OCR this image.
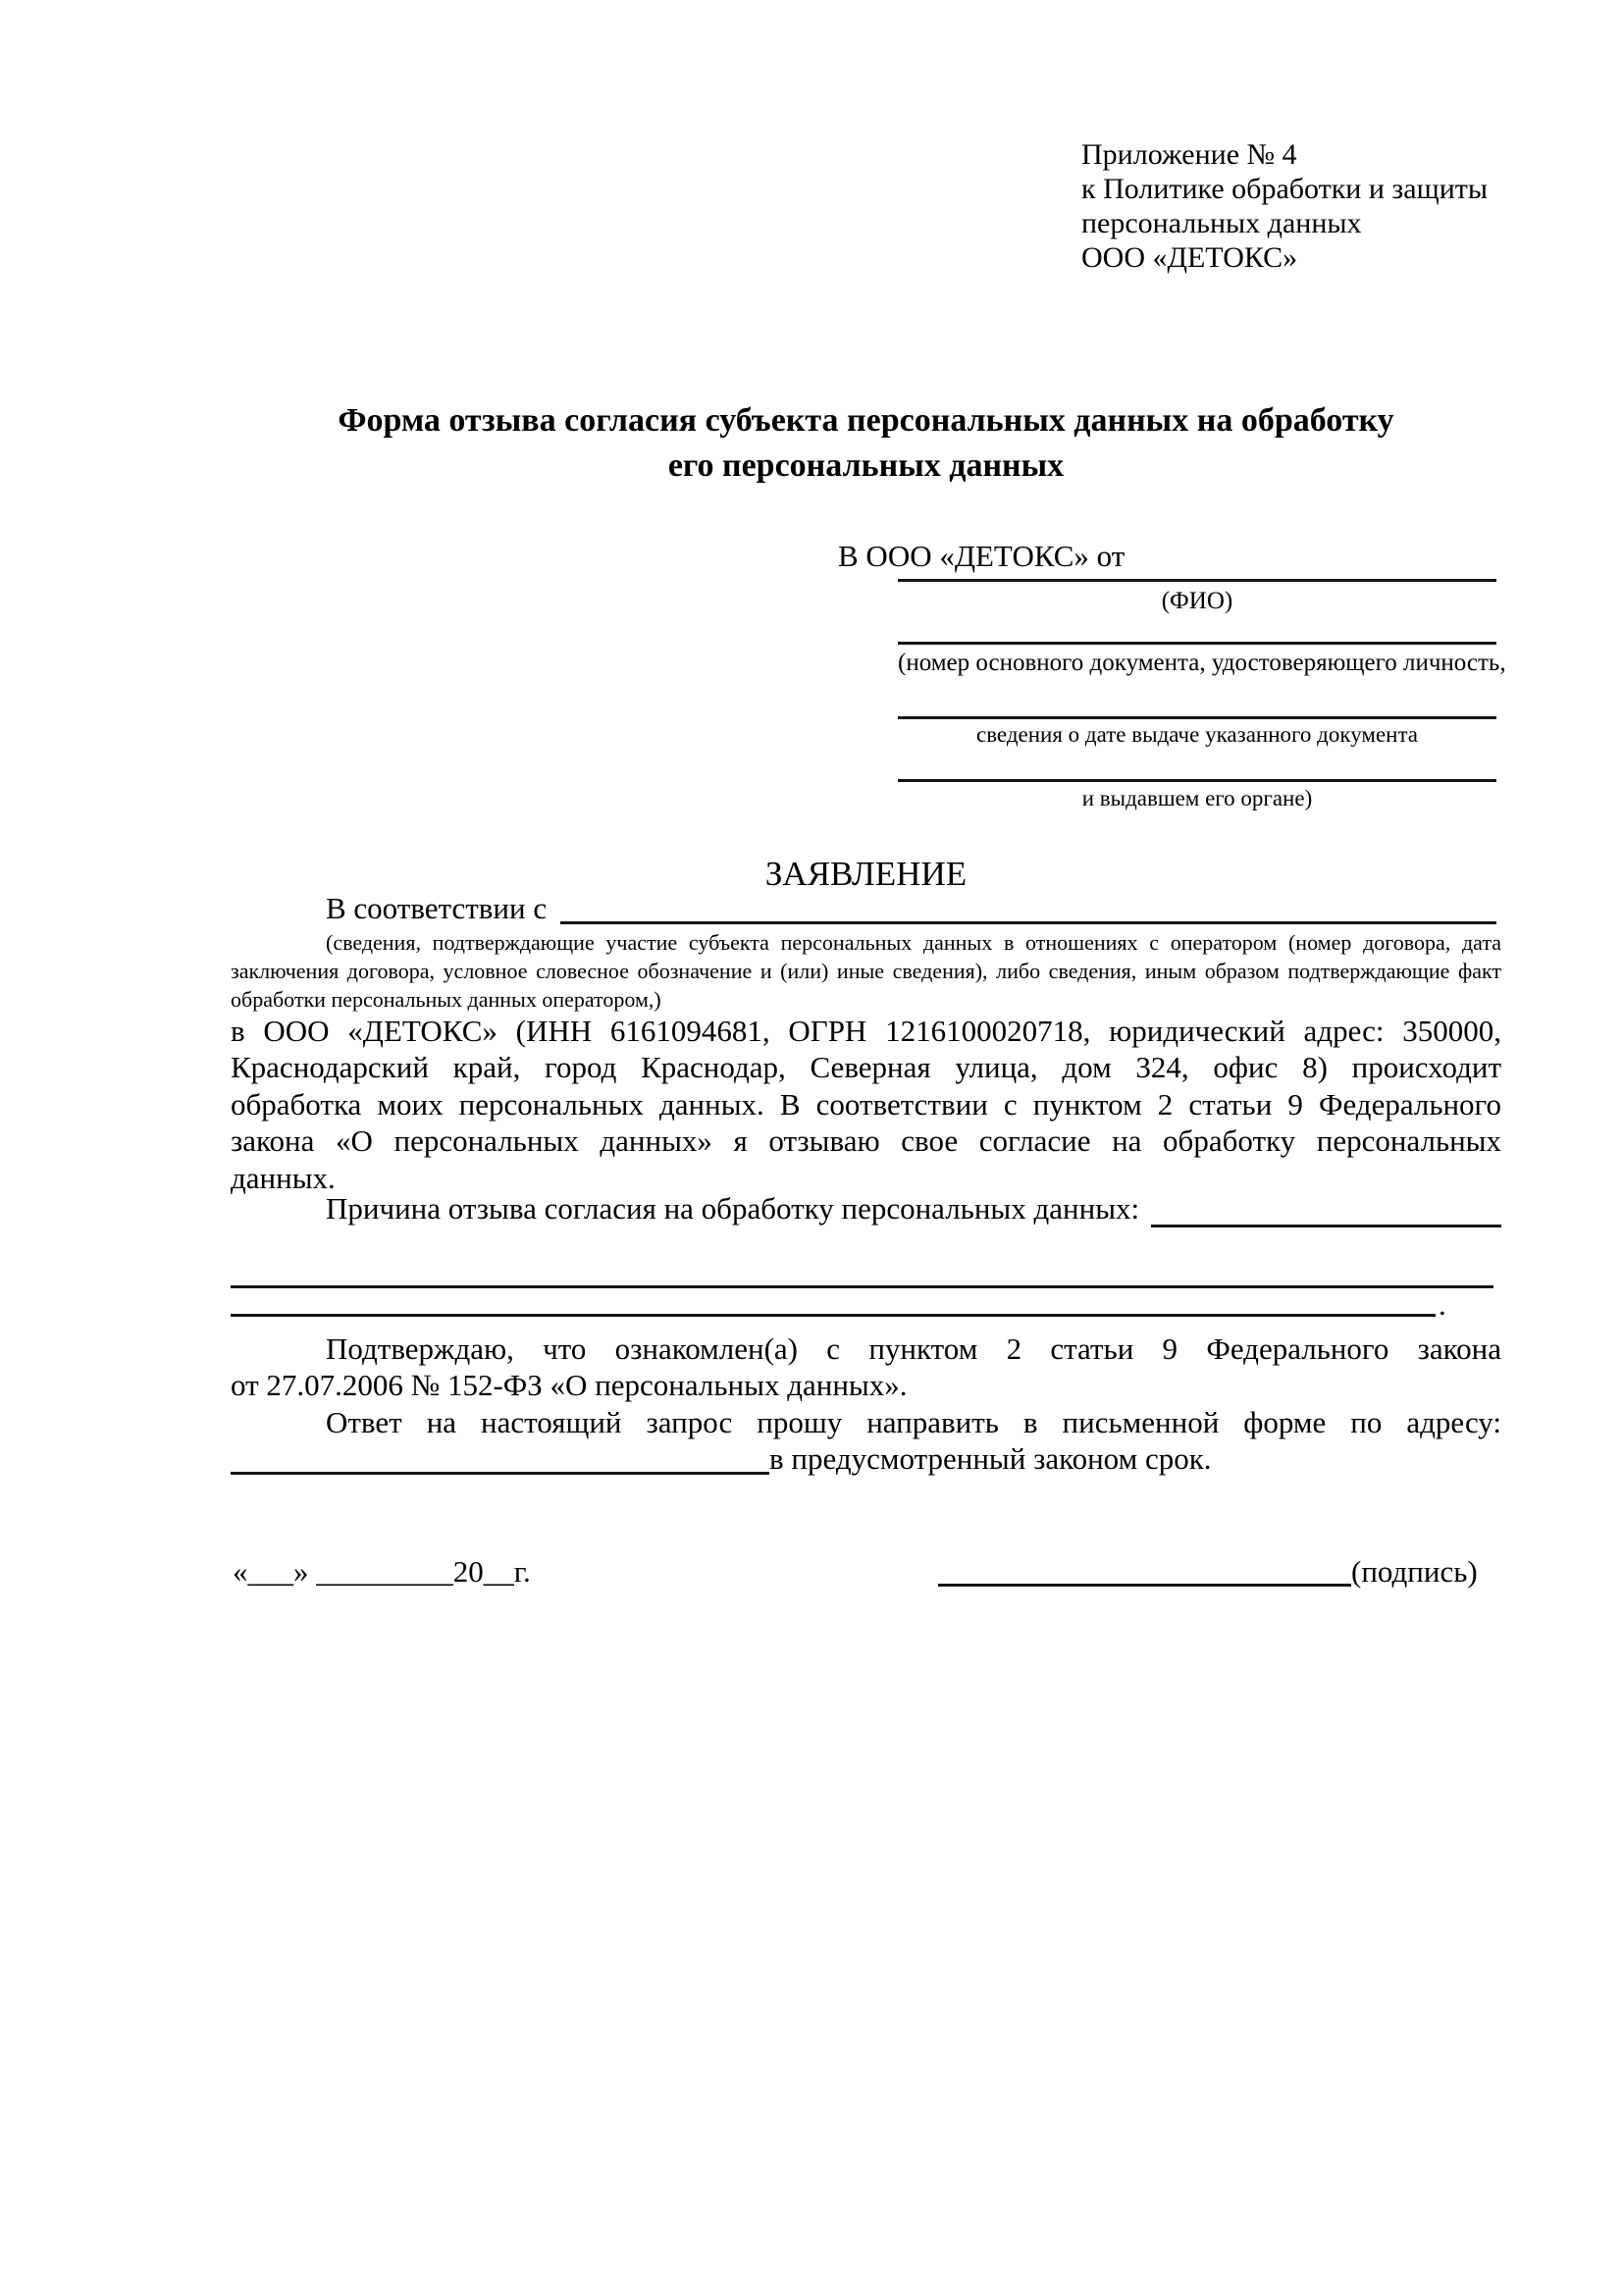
Приложение № 4
к Политике обработки и защиты
персональных данных
ООО «ДЕТОКС»
Форма отзыва согласия субъекта персональных данных на обработку
его персональных данных
В ООО «ДЕТОКС» от
(ФИО)
(номер основного документа, удостоверяющего личность,
сведения о дате выдаче указанного документа
и выдавшем его органе)
ЗАЯВЛЕНИЕ
В соответствии с
(сведения, подтверждающие участие субъекта персональных данных в отношениях с оператором (номер договора, дата
заключения договора, условное словесное обозначение и (или) иные сведения), либо сведения, иным образом подтверждающие факт
обработки персональных данных оператором,)
в ООО «ДЕТОКС» (ИНН 6161094681, ОГРН 1216100020718, юридический адрес: 350000,
Краснодарский край, город Краснодар, Северная улица, дом 324, офис 8) происходит
обработка моих персональных данных. В соответствии с пунктом 2 статьи 9 Федерального
закона «О персональных данных» я отзываю свое согласие на обработку персональных
данных.
Причина отзыва согласия на обработку персональных данных:
.
Подтверждаю, что ознакомлен(а) с пунктом 2 статьи 9 Федерального закона
от 27.07.2006 № 152-ФЗ «О персональных данных».
Ответ на настоящий запрос прошу направить в письменной форме по адресу:
в предусмотренный законом срок.
«___» _________20__г.	(подпись)
